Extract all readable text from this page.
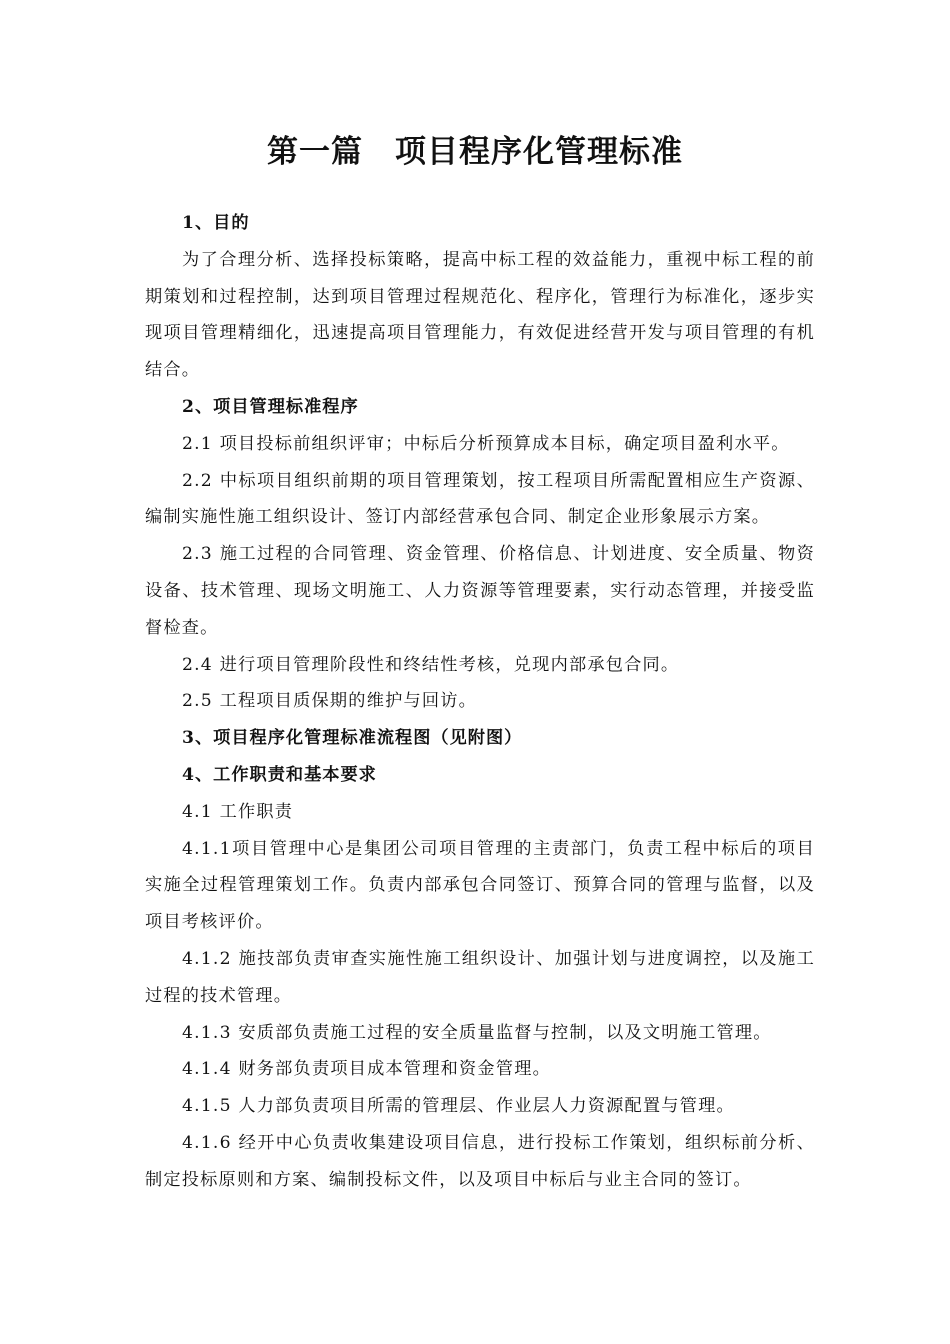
第一篇 项目程序化管理标准

1、目的

为了合理分析、选择投标策略，提高中标工程的效益能力，重视中标工程的前期策划和过程控制，达到项目管理过程规范化、程序化，管理行为标准化，逐步实现项目管理精细化，迅速提高项目管理能力，有效促进经营开发与项目管理的有机结合。

2、项目管理标准程序

2.1 项目投标前组织评审；中标后分析预算成本目标，确定项目盈利水平。

2.2 中标项目组织前期的项目管理策划，按工程项目所需配置相应生产资源、编制实施性施工组织设计、签订内部经营承包合同、制定企业形象展示方案。

2.3 施工过程的合同管理、资金管理、价格信息、计划进度、安全质量、物资设备、技术管理、现场文明施工、人力资源等管理要素，实行动态管理，并接受监督检查。

2.4 进行项目管理阶段性和终结性考核，兑现内部承包合同。

2.5 工程项目质保期的维护与回访。

3、项目程序化管理标准流程图（见附图）

4、工作职责和基本要求

4.1 工作职责

4.1.1项目管理中心是集团公司项目管理的主责部门，负责工程中标后的项目实施全过程管理策划工作。负责内部承包合同签订、预算合同的管理与监督，以及项目考核评价。

4.1.2 施技部负责审查实施性施工组织设计、加强计划与进度调控，以及施工过程的技术管理。

4.1.3 安质部负责施工过程的安全质量监督与控制，以及文明施工管理。

4.1.4 财务部负责项目成本管理和资金管理。

4.1.5 人力部负责项目所需的管理层、作业层人力资源配置与管理。

4.1.6 经开中心负责收集建设项目信息，进行投标工作策划，组织标前分析、制定投标原则和方案、编制投标文件，以及项目中标后与业主合同的签订。
